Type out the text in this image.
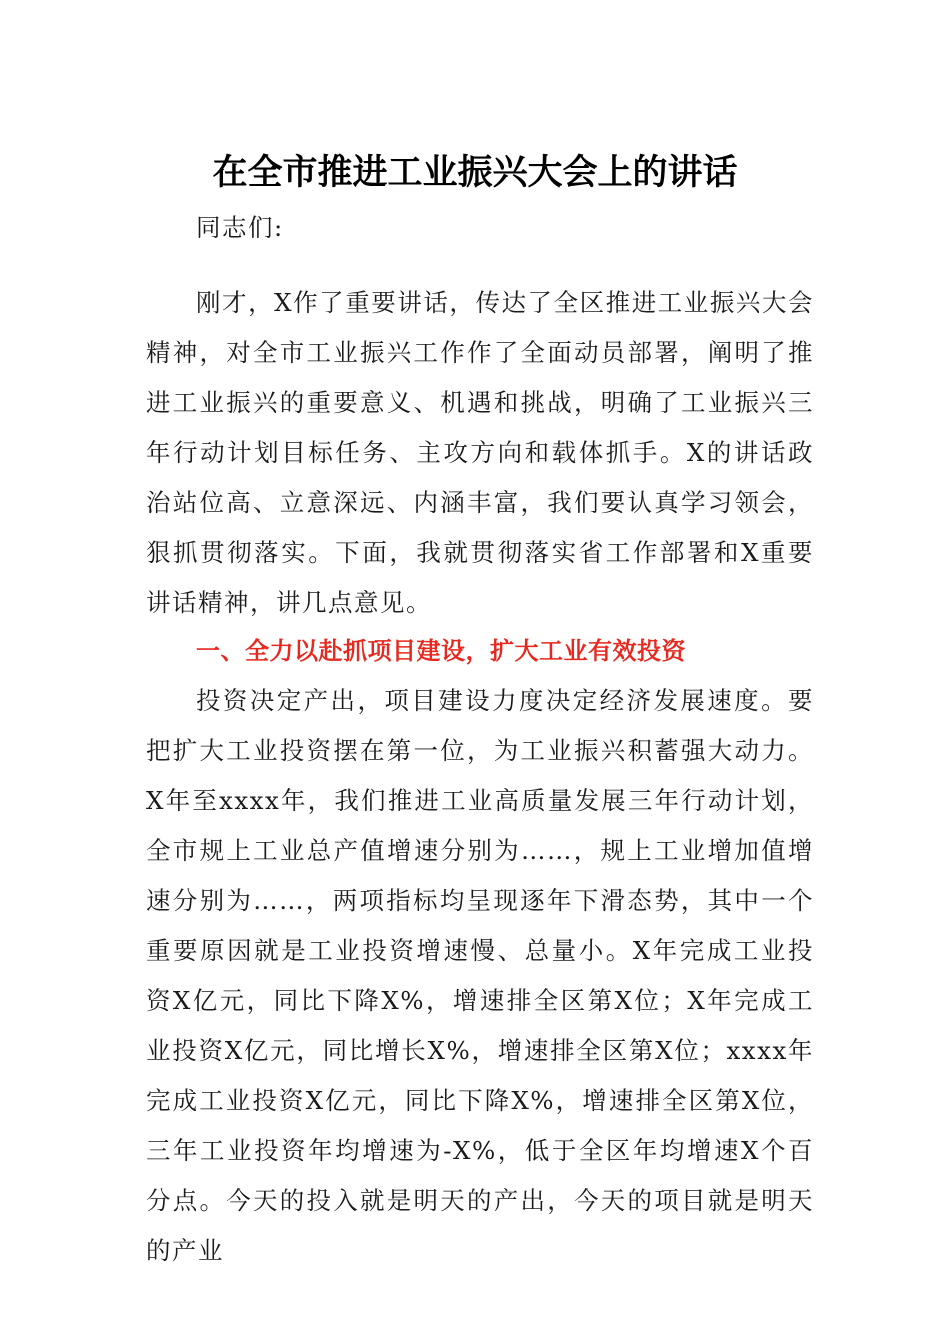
在全市推进工业振兴大会上的讲话
同志们:
刚才，X作了重要讲话，传达了全区推进工业振兴大会精神，对全市工业振兴工作作了全面动员部署，阐明了推进工业振兴的重要意义、机遇和挑战，明确了工业振兴三年行动计划目标任务、主攻方向和载体抓手。X的讲话政治站位高、立意深远、内涵丰富，我们要认真学习领会，狠抓贯彻落实。下面，我就贯彻落实省工作部署和X重要讲话精神，讲几点意见。
一、全力以赴抓项目建设，扩大工业有效投资
投资决定产出，项目建设力度决定经济发展速度。要把扩大工业投资摆在第一位，为工业振兴积蓄强大动力。X年至xxxx年，我们推进工业高质量发展三年行动计划，全市规上工业总产值增速分别为……，规上工业增加值增速分别为……，两项指标均呈现逐年下滑态势，其中一个重要原因就是工业投资增速慢、总量小。X年完成工业投资X亿元，同比下降X%，增速排全区第X位；X年完成工业投资X亿元，同比增长X%，增速排全区第X位；xxxx年完成工业投资X亿元，同比下降X%，增速排全区第X位，三年工业投资年均增速为-X%，低于全区年均增速X个百分点。今天的投入就是明天的产出，今天的项目就是明天的产业
